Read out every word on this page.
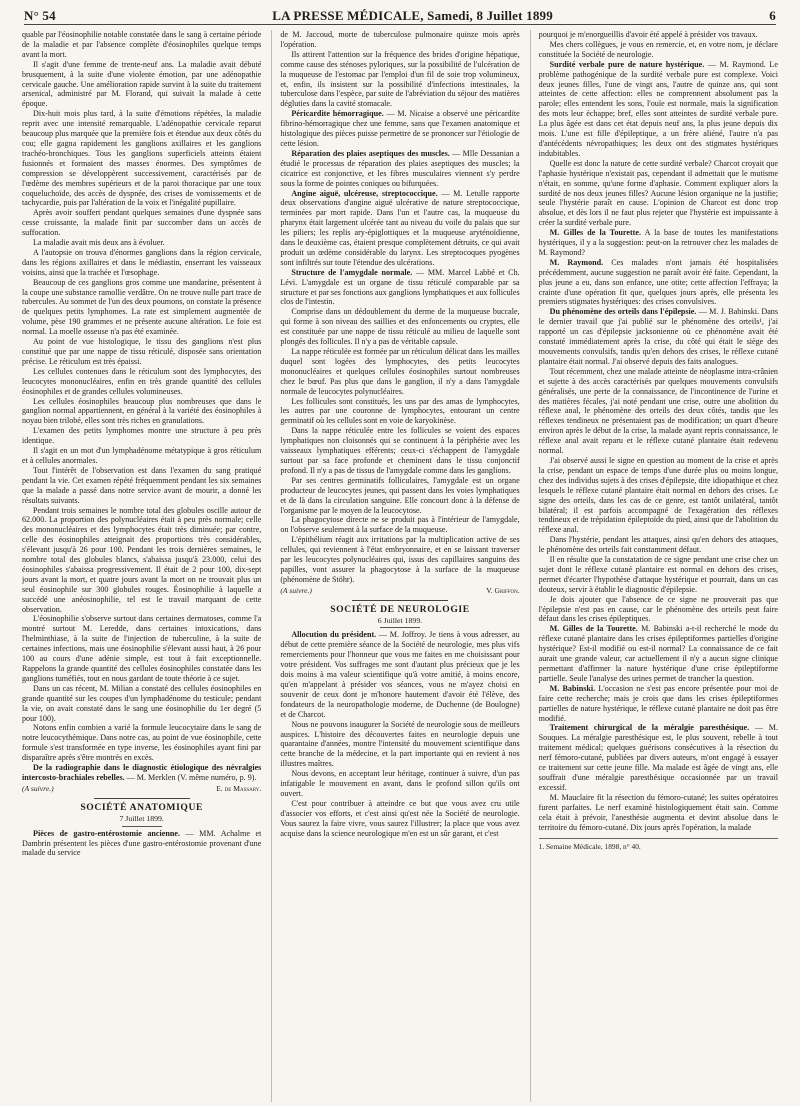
N° 54	LA PRESSE MÉDICALE, Samedi, 8 Juillet 1899	6

quable par l'éosinophilie notable constatée dans le sang à certaine période de la maladie et par l'absence complète d'éosinophiles quelque temps avant la mort.

Il s'agit d'une femme de trente-neuf ans. La maladie avait débuté brusquement, à la suite d'une violente émotion, par une adénopathie cervicale gauche. Une amélioration rapide survint à la suite du traitement arsenical, administré par M. Florand, qui suivait la malade à cette époque.

Dix-huit mois plus tard, à la suite d'émotions répétées, la maladie reprit avec une intensité remarquable. L'adénopathie cervicale reparut beaucoup plus marquée que la première fois et étendue aux deux côtés du cou; elle gagna rapidement les ganglions axillaires et les ganglions trachéo-bronchiques. Tous les ganglions superficiels atteints étaient fusionnés et formaient des masses énormes. Des symptômes de compression se développèrent successivement, caractérisés par de l'œdème des membres supérieurs et de la paroi thoracique par une toux coqueluchoïde, des accès de dyspnée, des crises de vomissements et de tachycardie, puis par l'altération de la voix et l'inégalité pupillaire.

Après avoir souffert pendant quelques semaines d'une dyspnée sans cesse croissante, la malade finit par succomber dans un accès de suffocation.

La maladie avait mis deux ans à évoluer.

A l'autopsie on trouva d'énormes ganglions dans la région cervicale, dans les régions axillaires et dans le médiastin, enserrant les vaisseaux voisins, ainsi que la trachée et l'œsophage.

Beaucoup de ces ganglions gros comme une mandarine, présentent à la coupe une substance ramollie verdâtre. On ne trouve nulle part trace de tubercules. Au sommet de l'un des deux poumons, on constate la présence de quelques petits lymphomes. La rate est simplement augmentée de volume, pèse 190 grammes et ne présente aucune altération. Le foie est normal. La moelle osseuse n'a pas été examinée.

Au point de vue histologique, le tissu des ganglions n'est plus constitué que par une nappe de tissu réticulé, disposée sans orientation précise. Le réticulum est très épaissi.

Les cellules contenues dans le réticulum sont des lymphocytes, des leucocytes mononucléaires, enfin en très grande quantité des cellules éosinophiles et de grandes cellules volumineuses.

Les cellules éosinophiles beaucoup plus nombreuses que dans le ganglion normal appartiennent, en général à la variété des éosinophiles à noyau bien trilobé, elles sont très riches en granulations.

L'examen des petits lymphomes montre une structure à peu près identique.

Il s'agit en un mot d'un lymphadénome métatypique à gros réticulum et à cellules anormales.

Tout l'intérêt de l'observation est dans l'examen du sang pratiqué pendant la vie. Cet examen répété fréquemment pendant les six semaines que la malade a passé dans notre service avant de mourir, a donné les résultats suivants.

Pendant trois semaines le nombre total des globules oscille autour de 62.000. La proportion des polynucléaires était à peu près normale; celle des mononucléaires et des lymphocytes était très diminuée; par contre, celle des éosinophiles atteignait des proportions très considérables, s'élevant jusqu'à 26 pour 100. Pendant les trois dernières semaines, le nombre total des globules blancs, s'abaissa jusqu'à 23.000, celui des éosinophiles s'abaissa progressivement. Il était de 2 pour 100, dix-sept jours avant la mort, et quatre jours avant la mort on ne trouvait plus un seul éosinophile sur 300 globules rouges. Éosinophilie à laquelle a succédé une anéosinophilie, tel est le travail marquant de cette observation.

L'éosinophilie s'observe surtout dans certaines dermatoses, comme l'a montré surtout M. Leredde, dans certaines intoxications, dans l'helminthiase, à la suite de l'injection de tuberculine, à la suite de certaines infections, mais une éosinophilie s'élevant aussi haut, à 26 pour 100 au cours d'une adénie simple, est tout à fait exceptionnelle. Rappelons la grande quantité des cellules éosinophiles constatée dans les ganglions tuméfiés, tout en nous gardant de toute théorie à ce sujet.

Dans un cas récent, M. Milian a constaté des cellules éosinophiles en grande quantité sur les coupes d'un lymphadénome du testicule; pendant la vie, on avait constaté dans le sang une éosinophilie du 1er degré (5 pour 100).

Notons enfin combien a varié la formule leucocytaire dans le sang de notre leucocythémique. Dans notre cas, au point de vue éosinophile, cette formule s'est transformée en type inverse, les éosinophiles ayant fini par disparaître après s'être montrés en excès.

De la radiographie dans le diagnostic étiologique des névralgies intercosto-brachiales rebelles. — M. Merklen (V. même numéro, p. 9).

(A suivre.)	E. de Massary.
SOCIÉTÉ ANATOMIQUE
7 Juillet 1899.

Pièces de gastro-entérostomie ancienne. — MM. Achalme et Dambrin présentent les pièces d'une gastro-entérostomie provenant d'une malade du service

de M. Jaccoud, morte de tuberculose pulmonaire quinze mois après l'opération.

Ils attirent l'attention sur la fréquence des brides d'origine hépatique, comme cause des sténoses pyloriques, sur la possibilité de l'ulcération de la muqueuse de l'estomac par l'emploi d'un fil de soie trop volumineux, et, enfin, ils insistent sur la possibilité d'infections intestinales, la tuberculose dans l'espèce, par suite de l'abréviation du séjour des matières dégluties dans la cavité stomacale.

Péricardite hémorragique. — M. Nicaise a observé une péricardite fibrino-hémorragique chez une femme, sans que l'examen anatomique et histologique des pièces puisse permettre de se prononcer sur l'étiologie de cette lésion.

Réparation des plaies aseptiques des muscles. — Mlle Dessanian a étudié le processus de réparation des plaies aseptiques des muscles; la cicatrice est conjonctive, et les fibres musculaires viennent s'y perdre sous la forme de pointes coniques ou bifurquées.

Angine aiguë, ulcéreuse, streptococcique. — M. Letulle rapporte deux observations d'angine aiguë ulcérative de nature streptococcique, terminées par mort rapide. Dans l'un et l'autre cas, la muqueuse du pharynx était largement ulcérée tant au niveau du voile du palais que sur les piliers; les replis ary-épiglottiques et la muqueuse aryténoïdienne, dans le deuxième cas, étaient presque complètement détruits, ce qui avait produit un œdème considérable du larynx. Les streptocoques pyogènes sont infiltrés sur toute l'étendue des ulcérations.

Structure de l'amygdale normale. — MM. Marcel Labbé et Ch. Lévi. L'amygdale est un organe de tissu réticulé comparable par sa structure et par ses fonctions aux ganglions lymphatiques et aux follicules clos de l'intestin.

Comprise dans un dédoublement du derme de la muqueuse buccale, qui forme à son niveau des saillies et des enfoncements ou cryptes, elle est constituée par une nappe de tissu réticulé au milieu de laquelle sont plongés des follicules. Il n'y a pas de véritable capsule.

La nappe réticulée est formée par un réticulum délicat dans les mailles duquel sont logées des lymphocytes, des petits leucocytes mononucléaires et quelques cellules éosinophiles surtout nombreuses chez le bœuf. Pas plus que dans le ganglion, il n'y a dans l'amygdale normale de leucocytes polynucléaires.

Les follicules sont constitués, les uns par des amas de lymphocytes, les autres par une couronne de lymphocytes, entourant un centre germinatif où les cellules sont en voie de karyokinèse.

Dans la nappe réticulée entre les follicules se voient des espaces lymphatiques non cloisonnés qui se continuent à la périphérie avec les vaisseaux lymphatiques efférents; ceux-ci s'échappent de l'amygdale surtout par sa face profonde et cheminent dans le tissu conjonctif profond. Il n'y a pas de tissus de l'amygdale comme dans les ganglions.

Par ses centres germinatifs folliculaires, l'amygdale est un organe producteur de leucocytes jeunes, qui passent dans les voies lymphatiques et de là dans la circulation sanguine. Elle concourt donc à la défense de l'organisme par le moyen de la leucocytose.

La phagocytose directe ne se produit pas à l'intérieur de l'amygdale, on l'observe seulement à la surface de la muqueuse.

L'épithélium réagit aux irritations par la multiplication active de ses cellules, qui reviennent à l'état embryonnaire, et en se laissant traverser par les leucocytes polynucléaires qui, issus des capillaires sanguins des papilles, vont assurer la phagocytose à la surface de la muqueuse (phénomène de Stöhr).

(A suivre.)	V. Griffon.
SOCIÉTÉ DE NEUROLOGIE
6 Juillet 1899.

Allocution du président. — M. Joffroy. Je tiens à vous adresser, au début de cette première séance de la Société de neurologie, mes plus vifs remerciements pour l'honneur que vous me faites en me choisissant pour votre président. Vos suffrages me sont d'autant plus précieux que je les dois moins à ma valeur scientifique qu'à votre amitié, à moins encore, qu'en m'appelant à présider vos séances, vous ne m'ayez choisi en souvenir de ceux dont je m'honore hautement d'avoir été l'élève, des fondateurs de la neuropathologie moderne, de Duchenne (de Boulogne) et de Charcot.

Nous ne pouvons inaugurer la Société de neurologie sous de meilleurs auspices. L'histoire des découvertes faites en neurologie depuis une quarantaine d'années, montre l'intensité du mouvement scientifique dans cette branche de la médecine, et la part importante qui en revient à nos illustres maîtres.

Nous devons, en acceptant leur héritage, continuer à suivre, d'un pas infatigable le mouvement en avant, dans le profond sillon qu'ils ont ouvert.

C'est pour contribuer à atteindre ce but que vous avez cru utile d'associer vos efforts, et c'est ainsi qu'est née la Société de neurologie. Vous saurez la faire vivre, vous saurez l'illustrer; la place que vous avez acquise dans la science neurologique m'en est un sûr garant, et c'est

pourquoi je m'enorgueillis d'avoir été appelé à présider vos travaux.

Mes chers collègues, je vous en remercie, et, en votre nom, je déclare constituée la Société de neurologie.

Surdité verbale pure de nature hystérique. — M. Raymond. Le problème pathogénique de la surdité verbale pure est complexe. Voici deux jeunes filles, l'une de vingt ans, l'autre de quinze ans, qui sont atteintes de cette affection: elles ne comprennent absolument pas la parole; elles entendent les sons, l'ouïe est normale, mais la signification des mots leur échappe; bref, elles sont atteintes de surdité verbale pure. La plus âgée est dans cet état depuis neuf ans, la plus jeune depuis dix mois. L'une est fille d'épileptique, a un frère aliéné, l'autre n'a pas d'antécédents névropathiques; les deux ont des stigmates hystériques indubitables.

Quelle est donc la nature de cette surdité verbale? Charcot croyait que l'aphasie hystérique n'existait pas, cependant il admettait que le mutisme n'était, en somme, qu'une forme d'aphasie. Comment expliquer alors la surdité de nos deux jeunes filles? Aucune lésion organique ne la justifie; seule l'hystérie paraît en cause. L'opinion de Charcot est donc trop absolue, et dès lors il ne faut plus rejeter que l'hystérie est impuissante à créer la surdité verbale pure.

M. Gilles de la Tourette. A la base de toutes les manifestations hystériques, il y a la suggestion: peut-on la retrouver chez les malades de M. Raymond?

M. Raymond. Ces malades n'ont jamais été hospitalisées précédemment, aucune suggestion ne paraît avoir été faite. Cependant, la plus jeune a eu, dans son enfance, une otite; cette affection l'effraya; la crainte d'une opération fit que, quelques jours après, elle présenta les premiers stigmates hystériques: des crises convulsives.

Du phénomène des orteils dans l'épilepsie. — M. J. Babinski. Dans le dernier travail que j'ai publié sur le phénomène des orteils¹, j'ai rapporté un cas d'épilepsie jacksonienne où ce phénomène avait été constaté immédiatement après la crise, du côté qui était le siège des mouvements convulsifs, tandis qu'en dehors des crises, le réflexe cutané plantaire était normal. J'ai observé depuis des faits analogues.

Tout récemment, chez une malade atteinte de néoplasme intra-crânien et sujette à des accès caractérisés par quelques mouvements convulsifs généralisés, une perte de la connaissance, de l'incontinence de l'urine et des matières fécales, j'ai noté pendant une crise, outre une abolition du réflexe anal, le phénomène des orteils des deux côtés, tandis que les réflexes tendineux ne présentaient pas de modification; un quart d'heure environ après le début de la crise, la malade ayant repris connaissance, le réflexe anal avait reparu et le réflexe cutané plantaire était redevenu normal.

J'ai observé aussi le signe en question au moment de la crise et après la crise, pendant un espace de temps d'une durée plus ou moins longue, chez des individus sujets à des crises d'épilepsie, dite idiopathique et chez lesquels le réflexe cutané plantaire était normal en dehors des crises. Le signe des orteils, dans les cas de ce genre, est tantôt unilatéral, tantôt bilatéral; il est parfois accompagné de l'exagération des réflexes tendineux et de trépidation épileptoïde du pied, ainsi que de l'abolition du réflexe anal.

Dans l'hystérie, pendant les attaques, ainsi qu'en dehors des attaques, le phénomène des orteils fait constamment défaut.

Il en résulte que la constatation de ce signe pendant une crise chez un sujet dont le réflexe cutané plantaire est normal en dehors des crises, permet d'écarter l'hypothèse d'attaque hystérique et pourrait, dans un cas douteux, servir à établir le diagnostic d'épilepsie.

Je dois ajouter que l'absence de ce signe ne prouverait pas que l'épilepsie n'est pas en cause, car le phénomène des orteils peut faire défaut dans les crises épileptiques.

M. Gilles de la Tourette. M. Babinski a-t-il recherché le mode du réflexe cutané plantaire dans les crises épileptiformes partielles d'origine hystérique? Est-il modifié ou est-il normal? La connaissance de ce fait aurait une grande valeur, car actuellement il n'y a aucun signe clinique permettant d'affirmer la nature hystérique d'une crise épileptiforme partielle. Seule l'analyse des urines permet de trancher la question.

M. Babinski. L'occasion ne s'est pas encore présentée pour moi de faire cette recherche; mais je crois que dans les crises épileptiformes partielles de nature hystérique, le réflexe cutané plantaire ne doit pas être modifié.

Traitement chirurgical de la méralgie paresthésique. — M. Souques. La méralgie paresthésique est, le plus souvent, rebelle à tout traitement médical; quelques guérisons consécutives à la résection du nerf fémoro-cutané, publiées par divers auteurs, m'ont engagé à essayer ce traitement sur cette jeune fille. Ma malade est âgée de vingt ans, elle souffrait d'une méralgie paresthésique occasionnée par un travail excessif.

M. Mauclaire fit la résection du fémoro-cutané; les suites opératoires furent parfaites. Le nerf examiné histologiquement était sain. Comme cela était à prévoir, l'anesthésie augmenta et devint absolue dans le territoire du fémoro-cutané. Dix jours après l'opération, la malade

1. Semaine Médicale, 1898, n° 40.
